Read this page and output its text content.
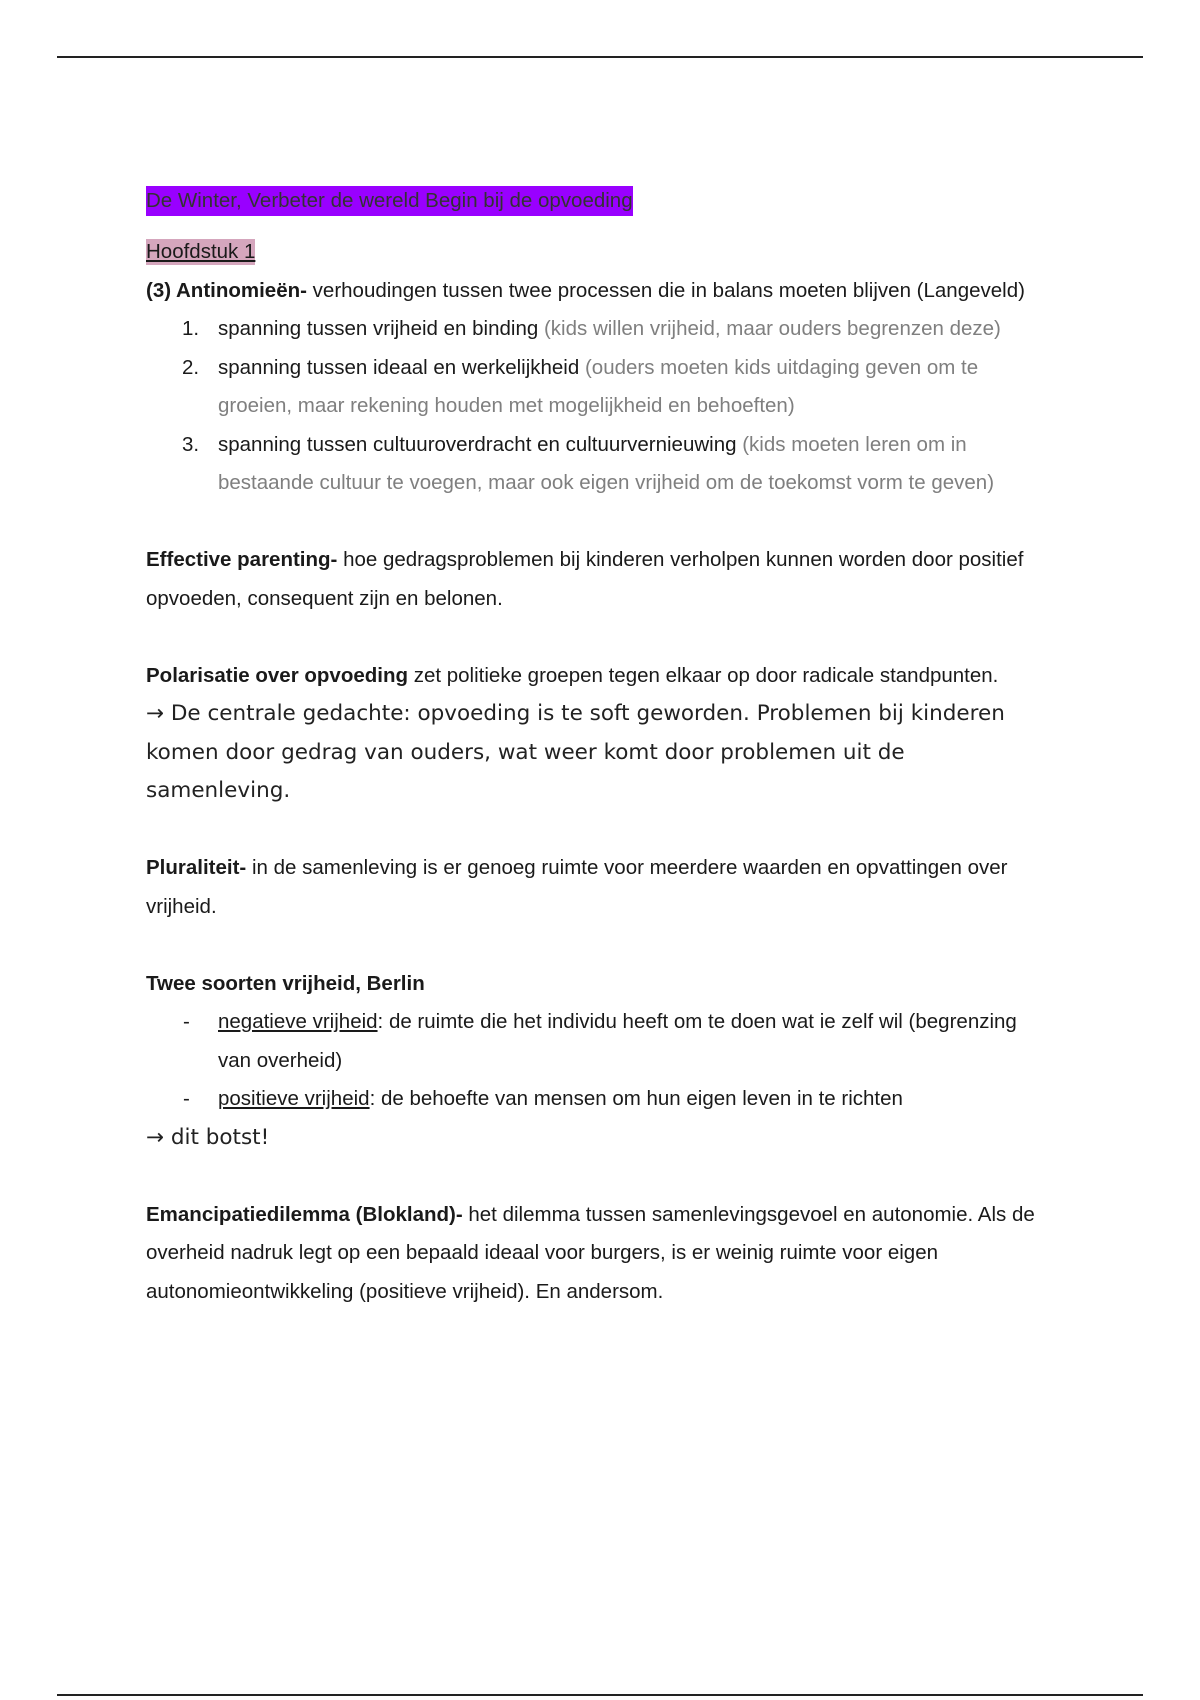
De Winter, Verbeter de wereld Begin bij de opvoeding
Hoofdstuk 1

(3) Antinomieën- verhoudingen tussen twee processen die in balans moeten blijven (Langeveld)

1. spanning tussen vrijheid en binding (kids willen vrijheid, maar ouders begrenzen deze)
2. spanning tussen ideaal en werkelijkheid (ouders moeten kids uitdaging geven om te groeien, maar rekening houden met mogelijkheid en behoeften)
3. spanning tussen cultuuroverdracht en cultuurvernieuwing (kids moeten leren om in bestaande cultuur te voegen, maar ook eigen vrijheid om de toekomst vorm te geven)

Effective parenting- hoe gedragsproblemen bij kinderen verholpen kunnen worden door positief opvoeden, consequent zijn en belonen.

Polarisatie over opvoeding zet politieke groepen tegen elkaar op door radicale standpunten.

→ De centrale gedachte: opvoeding is te soft geworden. Problemen bij kinderen komen door gedrag van ouders, wat weer komt door problemen uit de samenleving.

Pluraliteit- in de samenleving is er genoeg ruimte voor meerdere waarden en opvattingen over vrijheid.

Twee soorten vrijheid, Berlin

- negatieve vrijheid: de ruimte die het individu heeft om te doen wat ie zelf wil (begrenzing van overheid)
- positieve vrijheid: de behoefte van mensen om hun eigen leven in te richten

→ dit botst!

Emancipatiedilemma (Blokland)- het dilemma tussen samenlevingsgevoel en autonomie. Als de overheid nadruk legt op een bepaald ideaal voor burgers, is er weinig ruimte voor eigen autonomieontwikkeling (positieve vrijheid). En andersom.
